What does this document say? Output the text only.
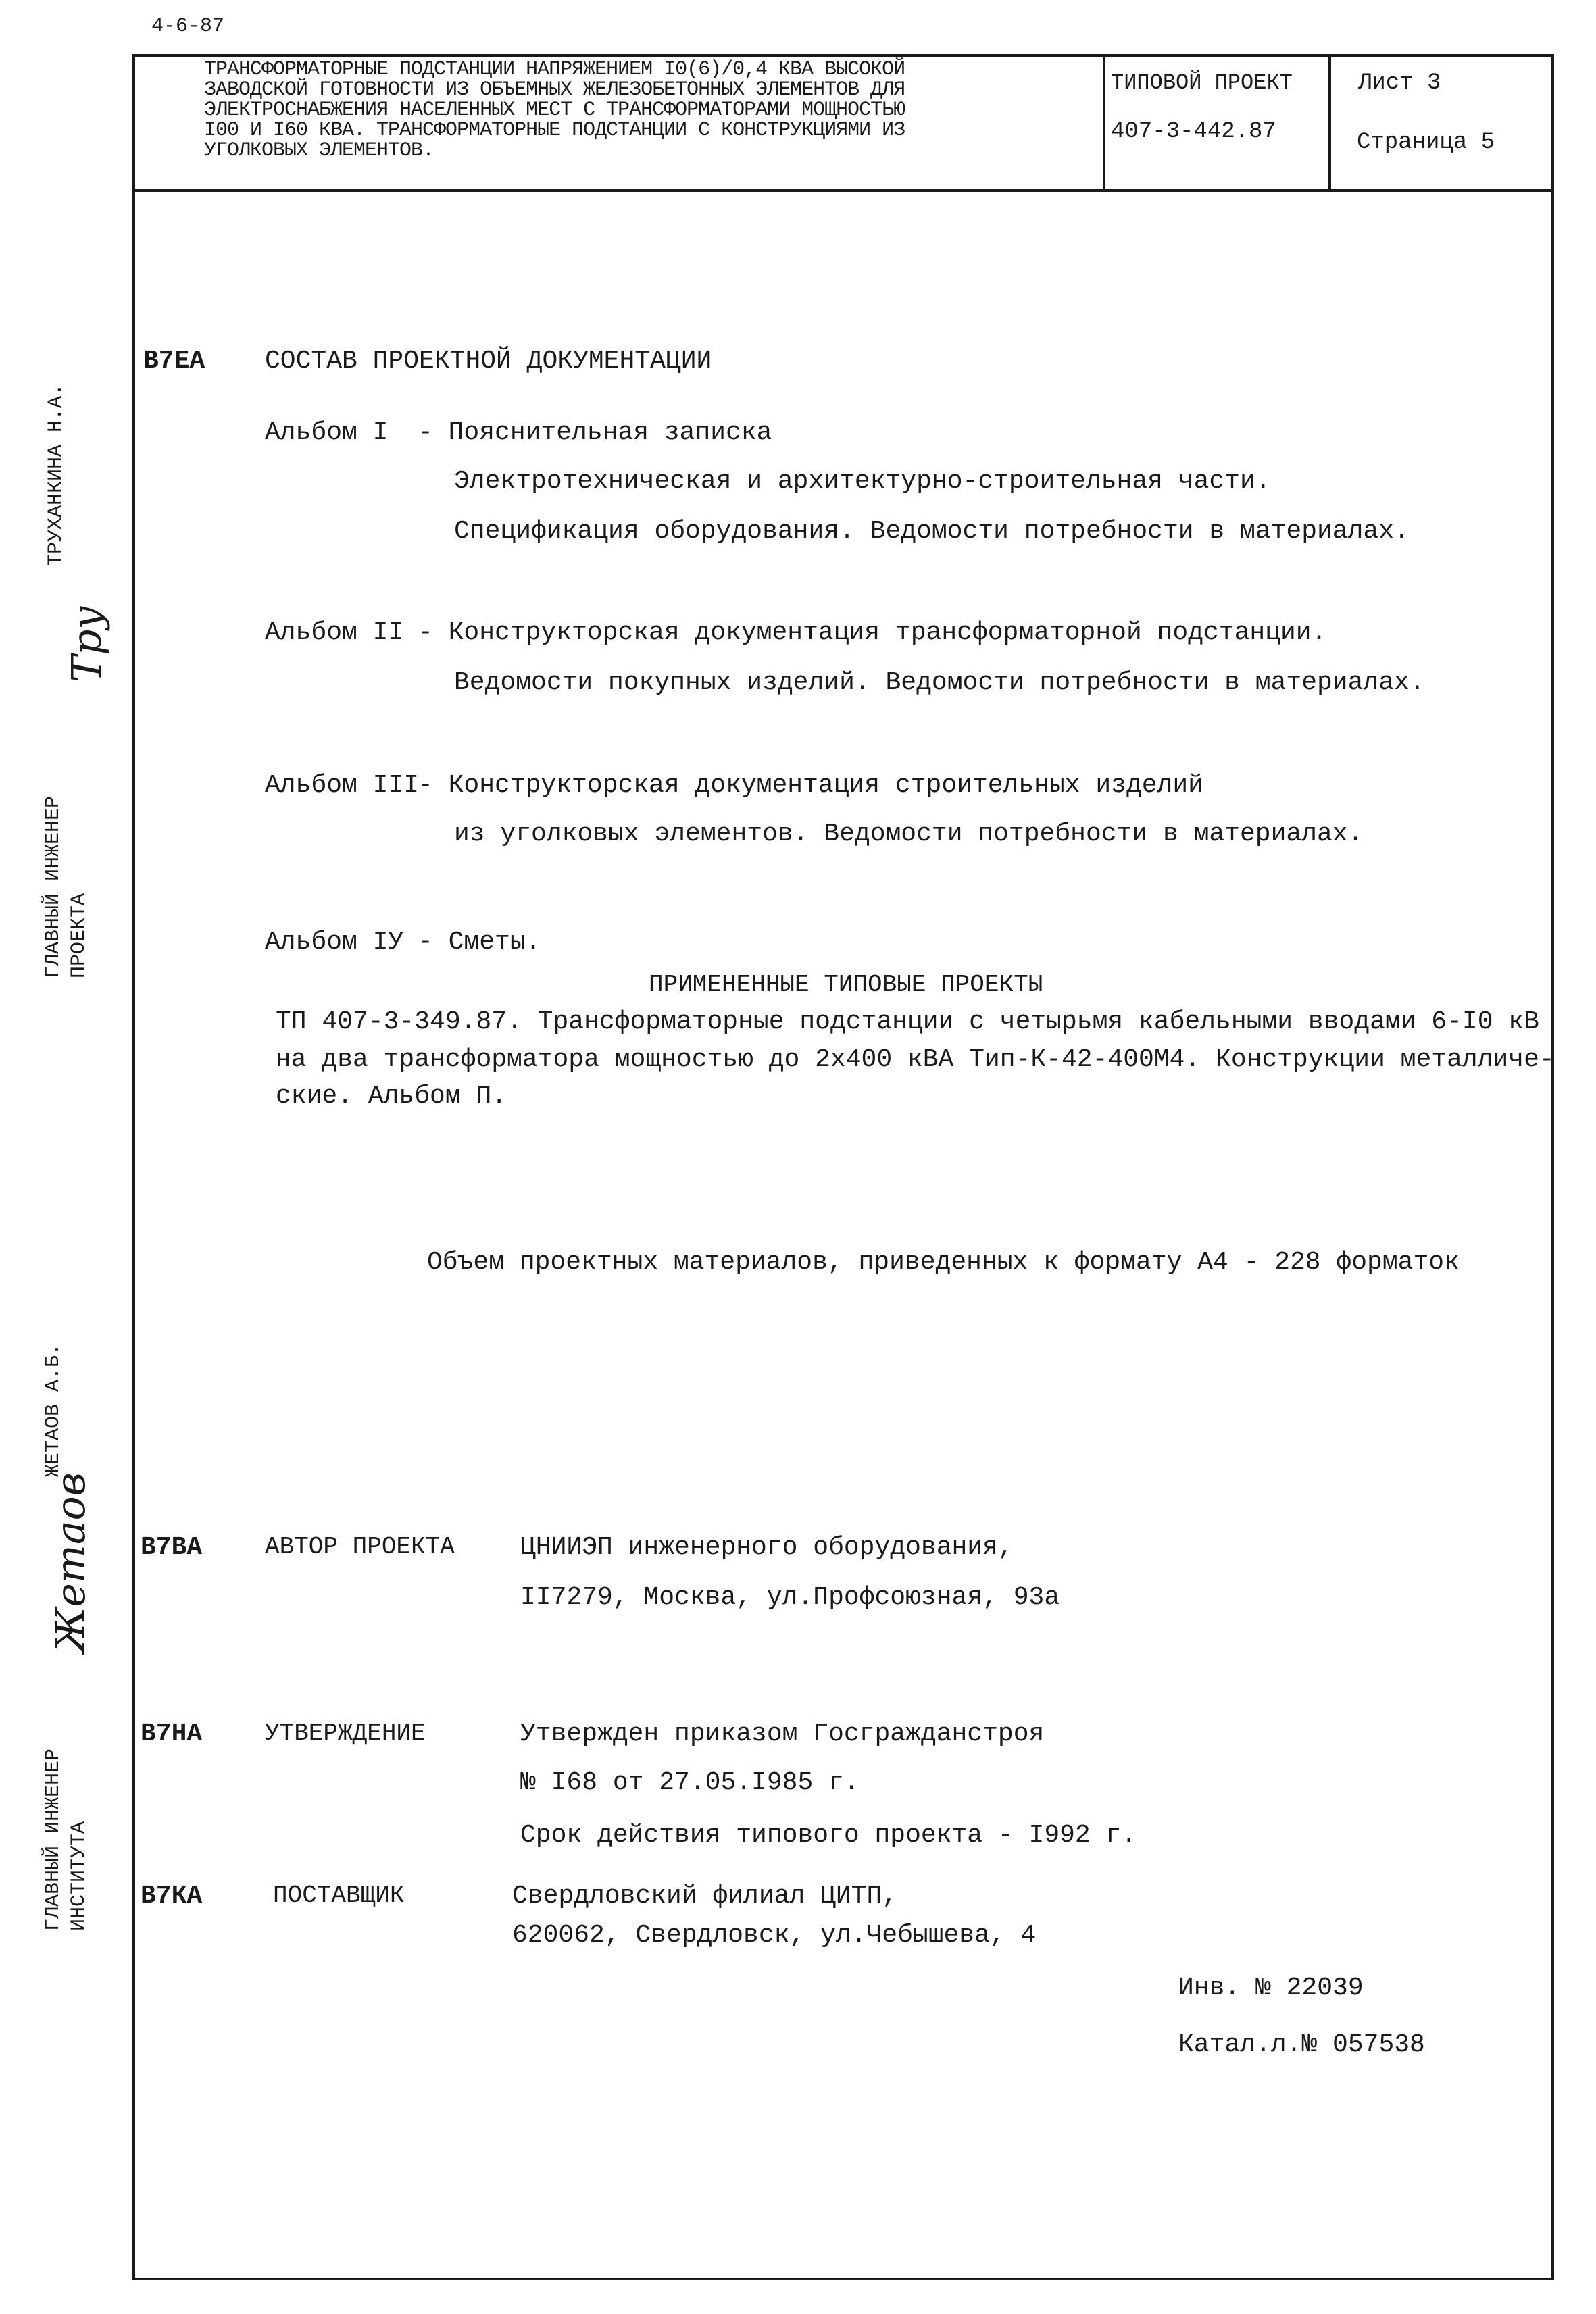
4-6-87
ТРАНСФОРМАТОРНЫЕ ПОДСТАНЦИИ НАПРЯЖЕНИЕМ I0(6)/0,4 КВА ВЫСОКОЙ
ЗАВОДСКОЙ ГОТОВНОСТИ ИЗ ОБЪЕМНЫХ ЖЕЛЕЗОБЕТОННЫХ ЭЛЕМЕНТОВ ДЛЯ
ЭЛЕКТРОСНАБЖЕНИЯ НАСЕЛЕННЫХ МЕСТ С ТРАНСФОРМАТОРАМИ МОЩНОСТЬЮ
I00 И I60 КВА. ТРАНСФОРМАТОРНЫЕ ПОДСТАНЦИИ С КОНСТРУКЦИЯМИ ИЗ
УГОЛКОВЫХ ЭЛЕМЕНТОВ.
ТИПОВОЙ ПРОЕКТ
407-3-442.87
Лист 3
Страница 5
В7ЕА СОСТАВ ПРОЕКТНОЙ ДОКУМЕНТАЦИИ
Альбом I - Пояснительная записка
Электротехническая и архитектурно-строительная части.
Спецификация оборудования. Ведомости потребности в материалах.
Альбом II - Конструкторская документация трансформаторной подстанции.
Ведомости покупных изделий. Ведомости потребности в материалах.
Альбом III
- Конструкторская документация строительных изделий
из уголковых элементов. Ведомости потребности в материалах.
Альбом IУ - Сметы.
ПРИМЕНЕННЫЕ ТИПОВЫЕ ПРОЕКТЫ
ТП 407-3-349.87. Трансформаторные подстанции с четырьмя кабельными вводами 6-I0 кВ
на два трансформатора мощностью до 2х400 кВА Тип-К-42-400М4. Конструкции металличе-
ские. Альбом П.
Объем проектных материалов, приведенных к формату А4 - 228 форматок
В7ВА	АВТОР ПРОЕКТА	ЦНИИЭП инженерного оборудования,
II7279, Москва, ул.Профсоюзная, 93а
В7НА	УТВЕРЖДЕНИЕ	Утвержден приказом Госгражданстроя
№ I68 от 27.05.I985 г.
Срок действия типового проекта - I992 г.
В7КА	ПОСТАВЩИК	Свердловский филиал ЦИТП,
620062, Свердловск, ул.Чебышева, 4
Инв. № 22039
Катал.л.№ 057538
ТРУХАНКИНА Н.А.
Тру
ГЛАВНЫЙ ИНЖЕНЕР ПРОЕКТА
ЖЕТАОВ А.Б.
Жетаов
ГЛАВНЫЙ ИНЖЕНЕР ИНСТИТУТА
